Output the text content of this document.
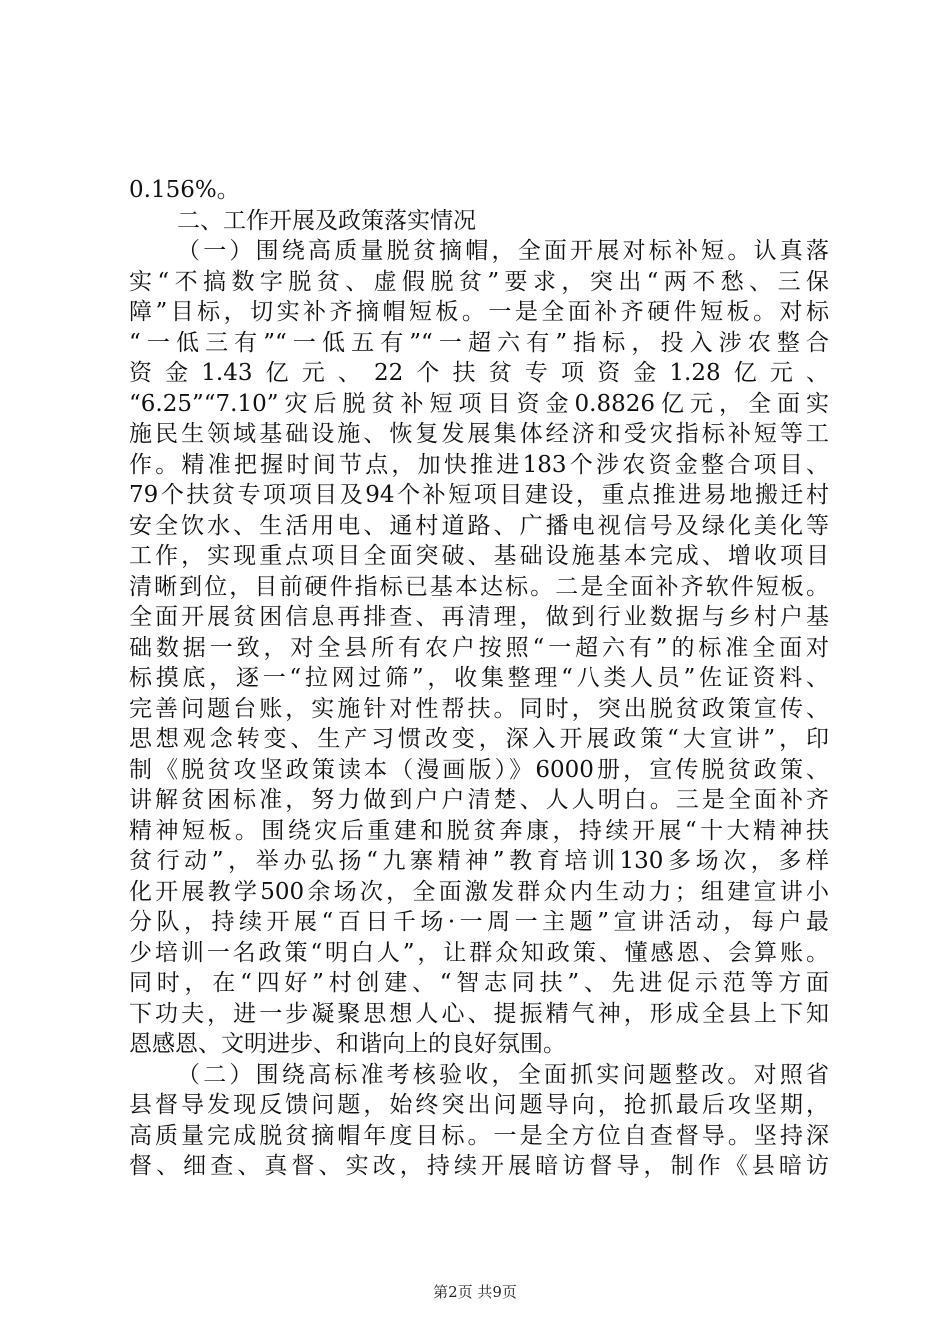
0.156%。
二、工作开展及政策落实情况
（一）围绕高质量脱贫摘帽，全面开展对标补短。认真落
实“不搞数字脱贫、虚假脱贫”要求，突出“两不愁、三保
障”目标，切实补齐摘帽短板。一是全面补齐硬件短板。对标
“一低三有”“一低五有”“一超六有”指标，投入涉农整合
资金1.43亿元、22个扶贫专项资金1.28亿元、
“6.25”“7.10”灾后脱贫补短项目资金0.8826亿元，全面实
施民生领域基础设施、恢复发展集体经济和受灾指标补短等工
作。精准把握时间节点，加快推进183个涉农资金整合项目、
79个扶贫专项项目及94个补短项目建设，重点推进易地搬迁村
安全饮水、生活用电、通村道路、广播电视信号及绿化美化等
工作，实现重点项目全面突破、基础设施基本完成、增收项目
清晰到位，目前硬件指标已基本达标。二是全面补齐软件短板。
全面开展贫困信息再排查、再清理，做到行业数据与乡村户基
础数据一致，对全县所有农户按照“一超六有”的标准全面对
标摸底，逐一“拉网过筛”，收集整理“八类人员”佐证资料、
完善问题台账，实施针对性帮扶。同时，突出脱贫政策宣传、
思想观念转变、生产习惯改变，深入开展政策“大宣讲”，印
制《脱贫攻坚政策读本（漫画版）》6000册，宣传脱贫政策、
讲解贫困标准，努力做到户户清楚、人人明白。三是全面补齐
精神短板。围绕灾后重建和脱贫奔康，持续开展“十大精神扶
贫行动”，举办弘扬“九寨精神”教育培训130多场次，多样
化开展教学500余场次，全面激发群众内生动力；组建宣讲小
分队，持续开展“百日千场·一周一主题”宣讲活动，每户最
少培训一名政策“明白人”，让群众知政策、懂感恩、会算账。
同时，在“四好”村创建、“智志同扶”、先进促示范等方面
下功夫，进一步凝聚思想人心、提振精气神，形成全县上下知
恩感恩、文明进步、和谐向上的良好氛围。
（二）围绕高标准考核验收，全面抓实问题整改。对照省
县督导发现反馈问题，始终突出问题导向，抢抓最后攻坚期，
高质量完成脱贫摘帽年度目标。一是全方位自查督导。坚持深
督、细查、真督、实改，持续开展暗访督导，制作《县暗访
第2页 共9页
